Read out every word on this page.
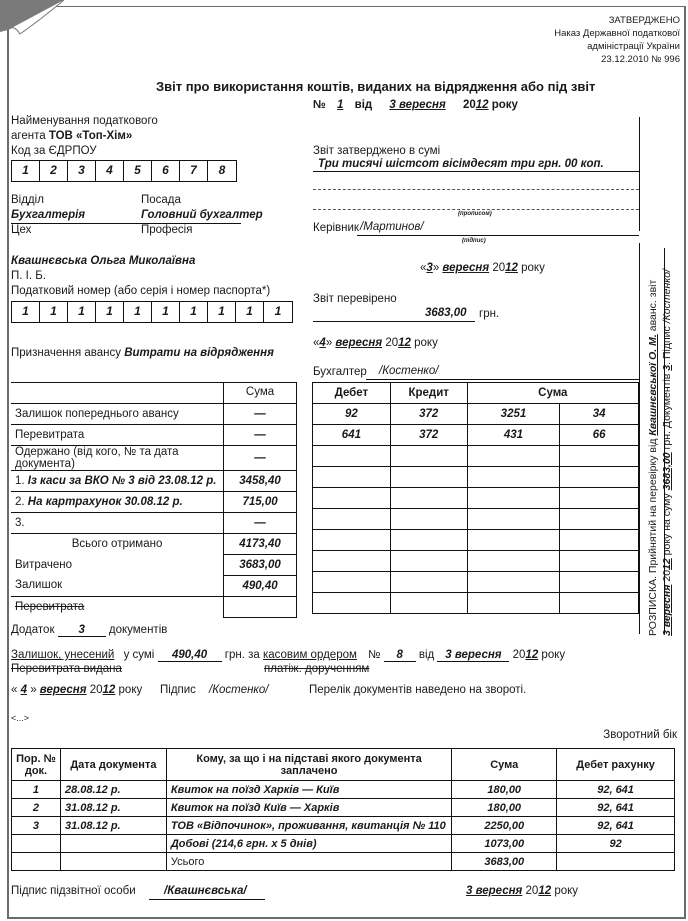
ЗАТВЕРДЖЕНО
Наказ Державної податкової
адміністрації України
23.12.2010 № 996
Звіт про використання коштів, виданих на відрядження або під звіт
№ 1 від 3 вересня 2012 року
Найменування податкового
агента ТОВ «Топ-Хім»
Код за ЄДРПОУ
1	2	3	4	5	6	7	8
Відділ
Бухгалтерія
Цех
Посада
Головний бухгалтер
Професія
Звіт затверджено в сумі
Три тисячі шістсот вісімдесят три грн. 00 коп.
(прописом)
Керівник /Мартинов/
(підпис)
«3» вересня 2012 року
Квашнєвська Ольга Миколаївна
П. І. Б.
Податковий номер (або серія і номер паспорта*)
1	1	1	1	1	1	1	1	1	1
Звіт перевірено
3683,00 грн.
«4» вересня 2012 року
Бухгалтер /Костенко/
Призначення авансу Витрати на відрядження
	Сума
Залишок попереднього авансу	—
Перевитрата	—
Одержано (від кого, № та дата документа)	—
1. Із каси за ВКО № 3 від 23.08.12 р.	3458,40
2. На картрахунок 30.08.12 р.	715,00
3.	—
Всього отримано	4173,40
Витрачено	3683,00
Залишок	490,40
Перевитрата	
Дебет	Кредит	Сума	
92	372	3251	34
641	372	431	66

РОЗПИСКА. Прийнятий на перевірку від Квашнєвської О. М. аванс. звіт
3 вересня 2012 року на суму 3683,00 грн. Документів 3. Підпис /Костенко/
Додаток 3 документів
Залишок, унесений у сумі 490,40 грн. за касовим ордером № 8 від 3 вересня 2012 року
Перевитрата видана	платіж. дорученням
« 4 » вересня 2012 року Підпис /Костенко/	Перелік документів наведено на звороті.
<...>
Зворотний бік
Пор. № док.	Дата документа	Кому, за що і на підставі якого документа заплачено	Сума	Дебет рахунку
1	28.08.12 р.	Квиток на поїзд Харків — Київ	180,00	92, 641
2	31.08.12 р.	Квиток на поїзд Київ — Харків	180,00	92, 641
3	31.08.12 р.	ТОВ «Відпочинок», проживання, квитанція № 110	2250,00	92, 641
		Добові (214,6 грн. х 5 днів)	1073,00	92
		Усього	3683,00	
Підпис підзвітної особи /Квашнєвська/	3 вересня 2012 року
